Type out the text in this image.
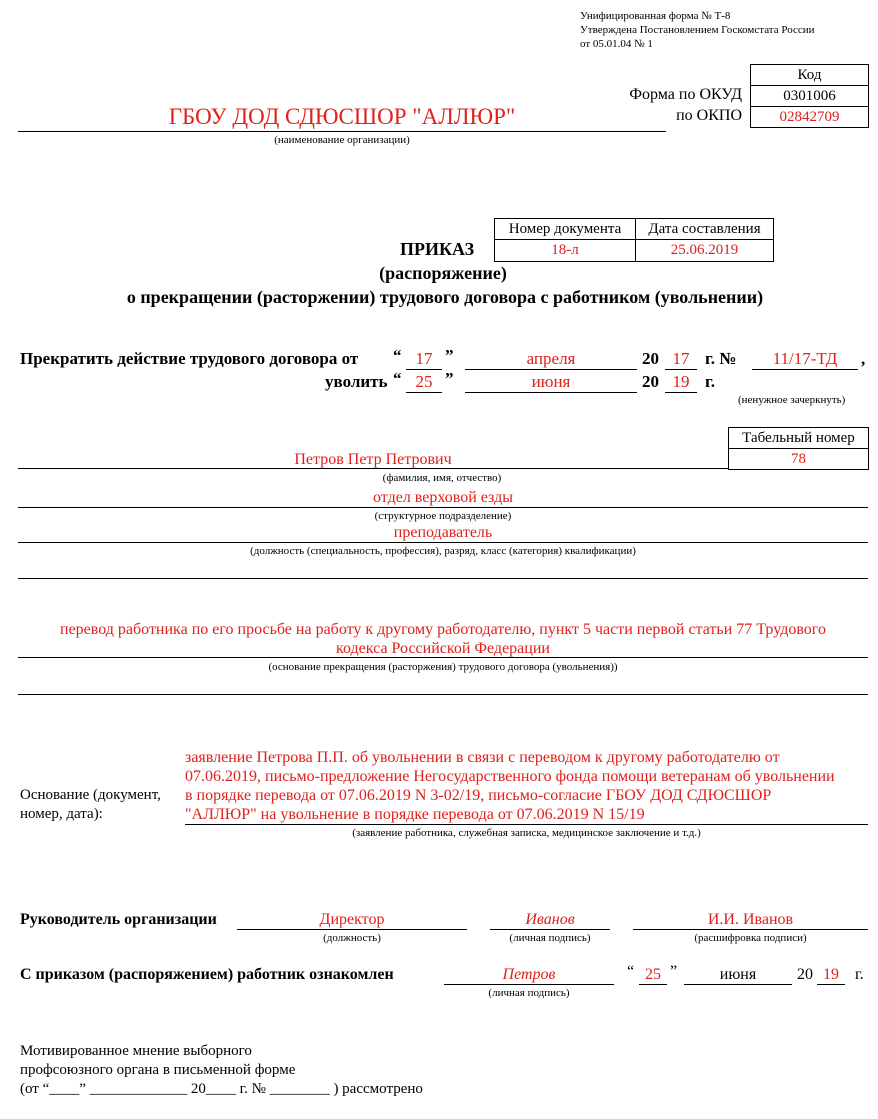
Унифицированная форма № Т-8
Утверждена Постановлением Госкомстата России
от 05.01.04 № 1
Код
0301006
02842709
Форма по ОКУД
по ОКПО
ГБОУ ДОД СДЮСШОР "АЛЛЮР"
(наименование организации)
Номер документа	Дата составления
18-л	25.06.2019
ПРИКАЗ
(распоряжение)
о прекращении (расторжении) трудового договора с работником (увольнении)
Прекратить действие трудового договора от “ 17 ”	апреля	20 17 г. №	11/17-ТД	,
уволить “ 25 ”	июня	20 19 г.
(ненужное зачеркнуть)
Табельный номер
78
Петров Петр Петрович
(фамилия, имя, отчество)
отдел верховой езды
(структурное подразделение)
преподаватель
(должность (специальность, профессия), разряд, класс (категория) квалификации)
перевод работника по его просьбе на работу к другому работодателю, пункт 5 части первой статьи 77 Трудового
кодекса Российской Федерации
(основание прекращения (расторжения) трудового договора (увольнения))
Основание (документ,
номер, дата):
заявление Петрова П.П. об увольнении в связи с переводом к другому работодателю от
07.06.2019, письмо-предложение Негосударственного фонда помощи ветеранам об увольнении
в порядке перевода от 07.06.2019 N 3-02/19, письмо-согласие ГБОУ ДОД СДЮСШОР
"АЛЛЮР" на увольнение в порядке перевода от 07.06.2019 N 15/19
(заявление работника, служебная записка, медицинское заключение и т.д.)
Руководитель организации	Директор
(должность)
Иванов
(личная подпись)
И.И. Иванов
(расшифровка подписи)
С приказом (распоряжением) работник ознакомлен	Петров
(личная подпись)
“ 25 ”	июня	20 19	г.
Мотивированное мнение выборного
профсоюзного органа в письменной форме
(от “____” _____________ 20____ г. № ________ ) рассмотрено
